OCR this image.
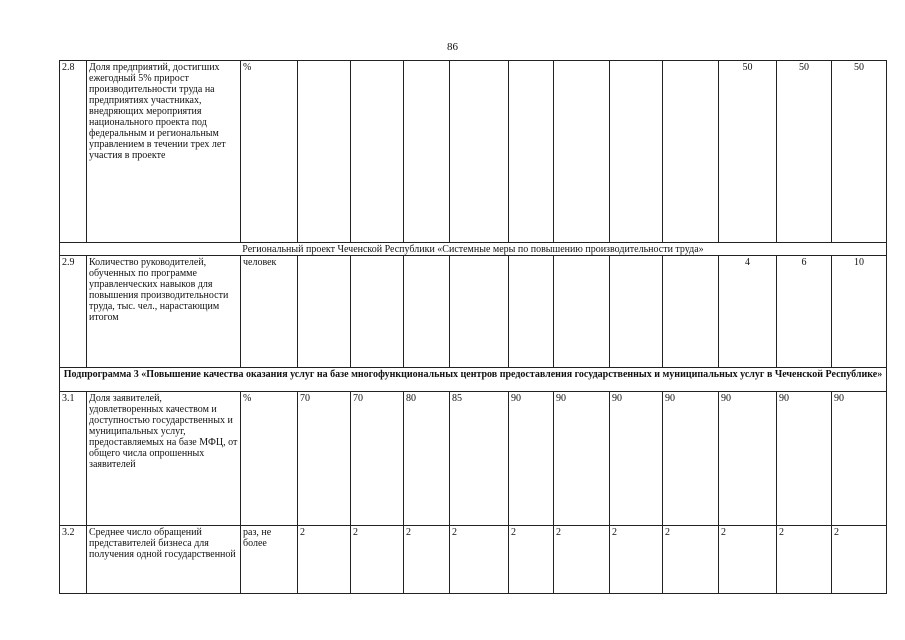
86
2.8	Доля предприятий, достигших ежегодный 5% прирост производительности труда на предприятиях участниках, внедряющих мероприятия национального проекта под федеральным и региональным управлением в течении трех лет участия в проекте	%									50	50	50
Региональный проект Чеченской Республики «Системные меры по повышению производительности труда»													
2.9	Количество руководителей, обученных по программе управленческих навыков для повышения производительности труда, тыс. чел., нарастающим итогом	человек									4	6	10
Подпрограмма 3 «Повышение качества оказания услуг на базе многофункциональных центров предоставления государственных и муниципальных услуг в Чеченской Республике»													
3.1	Доля заявителей, удовлетворенных качеством и доступностью государственных и муниципальных услуг, предоставляемых на базе МФЦ, от общего числа опрошенных заявителей	%	70	70	80	85	90	90	90	90	90	90	90
3.2	Среднее число обращений представителей бизнеса для получения одной государственной	раз, не более	2	2	2	2	2	2	2	2	2	2	2
